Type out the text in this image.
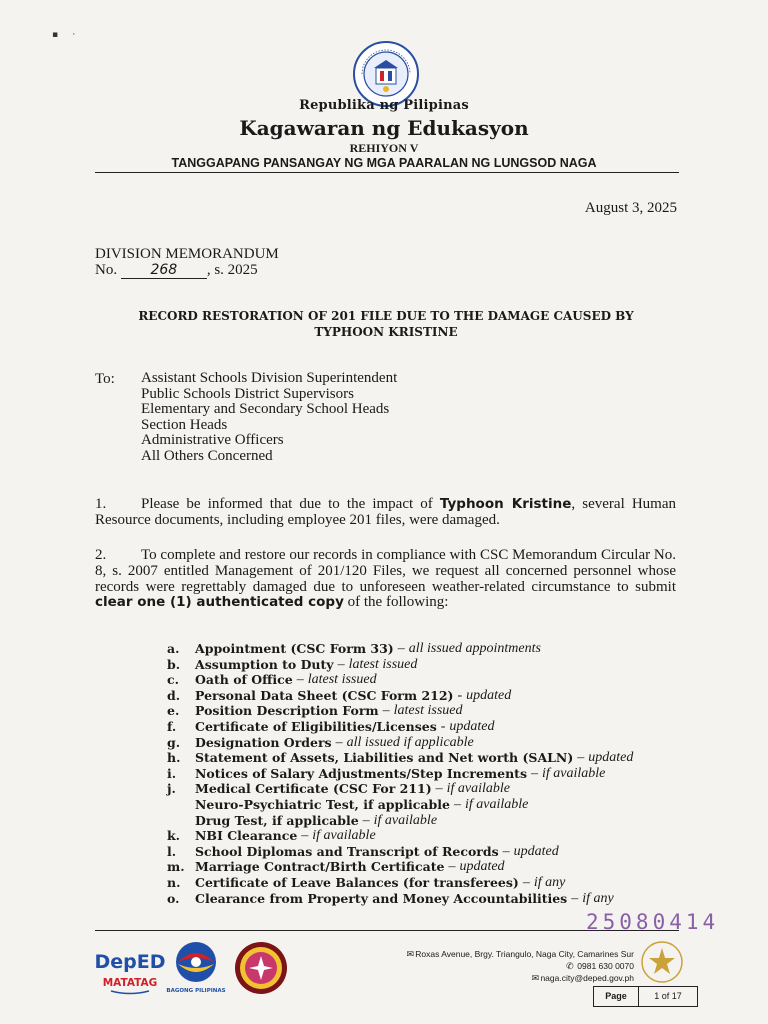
▪     ·
Republika ng Pilipinas
Kagawaran ng Edukasyon
REHIYON V
TANGGAPANG PANSANGAY NG MGA PAARALAN NG LUNGSOD NAGA
August 3, 2025
DIVISION MEMORANDUM
No. 268 , s. 2025
RECORD RESTORATION OF 201 FILE DUE TO THE DAMAGE CAUSED BY
TYPHOON KRISTINE
To: Assistant Schools Division Superintendent
Public Schools District Supervisors
Elementary and Secondary School Heads
Section Heads
Administrative Officers
All Others Concerned
1. Please be informed that due to the impact of Typhoon Kristine, several Human Resource documents, including employee 201 files, were damaged.
2. To complete and restore our records in compliance with CSC Memorandum Circular No. 8, s. 2007 entitled Management of 201/120 Files, we request all concerned personnel whose records were regrettably damaged due to unforeseen weather-related circumstance to submit clear one (1) authenticated copy of the following:
a.	Appointment (CSC Form 33) – all issued appointments
b.	Assumption to Duty – latest issued
c.	Oath of Office – latest issued
d.	Personal Data Sheet (CSC Form 212) - updated
e.	Position Description Form – latest issued
f.	Certificate of Eligibilities/Licenses - updated
g.	Designation Orders – all issued if applicable
h.	Statement of Assets, Liabilities and Net worth (SALN) – updated
i.	Notices of Salary Adjustments/Step Increments – if available
j.	Medical Certificate (CSC For 211) – if available
Neuro-Psychiatric Test, if applicable – if available
Drug Test, if applicable – if available
k.	NBI Clearance – if available
l.	School Diplomas and Transcript of Records – updated
m. Marriage Contract/Birth Certificate – updated
n.	Certificate of Leave Balances (for transferees) – if any
o.	Clearance from Property and Money Accountabilities – if any
25080414
DepED
MATATAG
BAGONG PILIPINAS
✉Roxas Avenue, Brgy. Triangulo, Naga City, Camarines Sur
✆ 0981 630 0070
✉naga.city@deped.gov.ph
Page	1 of 17
